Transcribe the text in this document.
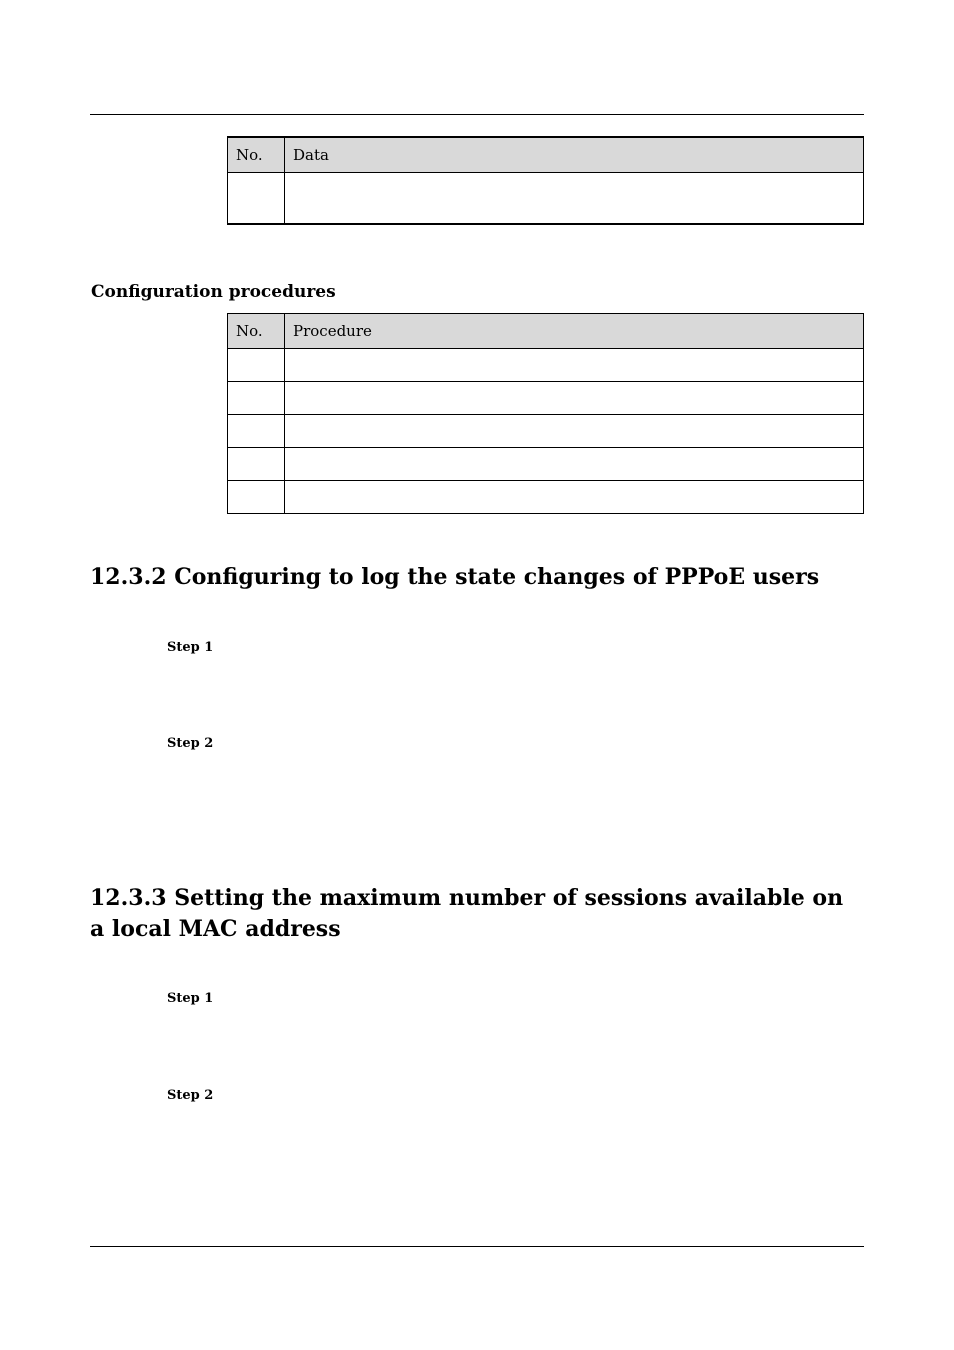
No.	Data

Configuration procedures

No.	Procedure

12.3.2 Configuring to log the state changes of PPPoE users

Step 1

Step 2

12.3.3 Setting the maximum number of sessions available on a local MAC address

Step 1

Step 2
